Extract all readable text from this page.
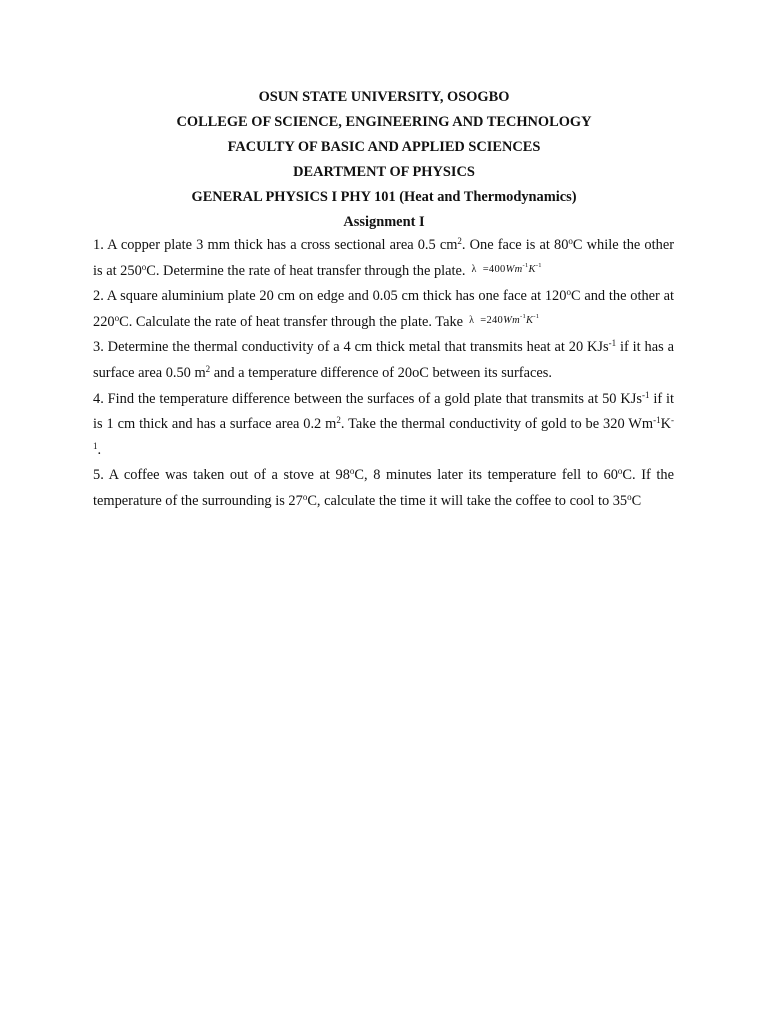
OSUN STATE UNIVERSITY, OSOGBO
COLLEGE OF SCIENCE, ENGINEERING AND TECHNOLOGY
FACULTY OF BASIC AND APPLIED SCIENCES
DEARTMENT OF PHYSICS
GENERAL PHYSICS I PHY 101 (Heat and Thermodynamics)
Assignment I

1. A copper plate 3 mm thick has a cross sectional area 0.5 $cm^2$. One face is at 80$^o$C while the other is at 250$^o$C. Determine the rate of heat transfer through the plate. $\lambda =400Wm^{-1}K^{-1}$

2. A square aluminium plate 20 cm on edge and 0.05 cm thick has one face at 120$^o$C and the other at 220$^o$C. Calculate the rate of heat transfer through the plate. Take $\lambda =240Wm^{-1}K^{-1}$

3. Determine the thermal conductivity of a 4 cm thick metal that transmits heat at 20 KJs$^{-1}$ if it has a surface area 0.50 $m^2$ and a temperature difference of 20oC between its surfaces.

4. Find the temperature difference between the surfaces of a gold plate that transmits at 50 KJs$^{-1}$ if it is 1 cm thick and has a surface area 0.2 $m^2$. Take the thermal conductivity of gold to be 320 $Wm^{-1}K^{-1}$.

5. A coffee was taken out of a stove at 98$^o$C, 8 minutes later its temperature fell to 60$^o$C. If the temperature of the surrounding is 27$^o$C, calculate the time it will take the coffee to cool to 35$^o$C
